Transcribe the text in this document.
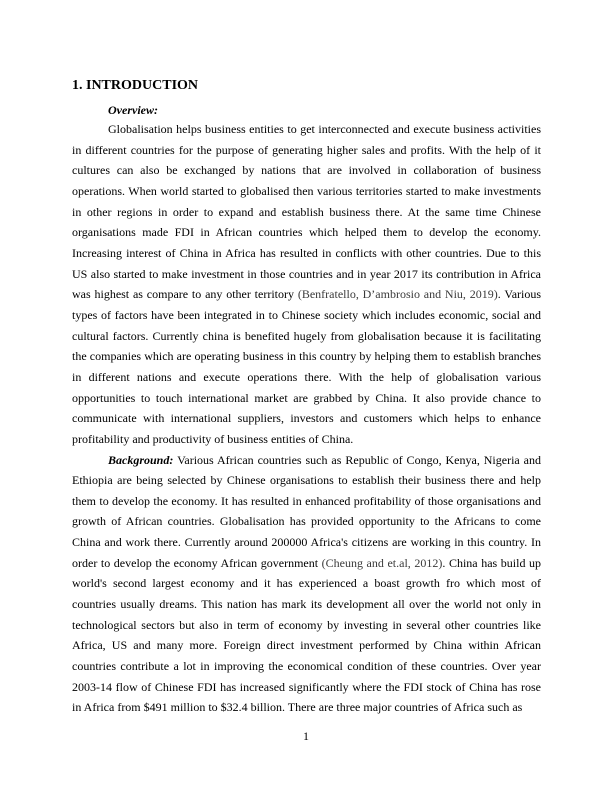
1. INTRODUCTION
Overview:

Globalisation helps business entities to get interconnected and execute business activities in different countries for the purpose of generating higher sales and profits. With the help of it cultures can also be exchanged by nations that are involved in collaboration of business operations. When world started to globalised then various territories started to make investments in other regions in order to expand and establish business there. At the same time Chinese organisations made FDI in African countries which helped them to develop the economy. Increasing interest of China in Africa has resulted in conflicts with other countries. Due to this US also started to make investment in those countries and in year 2017 its contribution in Africa was highest as compare to any other territory (Benfratello, D’ambrosio and Niu, 2019). Various types of factors have been integrated in to Chinese society which includes economic, social and cultural factors. Currently china is benefited hugely from globalisation because it is facilitating the companies which are operating business in this country by helping them to establish branches in different nations and execute operations there. With the help of globalisation various opportunities to touch international market are grabbed by China. It also provide chance to communicate with international suppliers, investors and customers which helps to enhance profitability and productivity of business entities of China.

Background: Various African countries such as Republic of Congo, Kenya, Nigeria and Ethiopia are being selected by Chinese organisations to establish their business there and help them to develop the economy. It has resulted in enhanced profitability of those organisations and growth of African countries. Globalisation has provided opportunity to the Africans to come China and work there. Currently around 200000 Africa's citizens are working in this country. In order to develop the economy African government (Cheung and et.al, 2012). China has build up world's second largest economy and it has experienced a boast growth fro which most of countries usually dreams. This nation has mark its development all over the world not only in technological sectors but also in term of economy by investing in several other countries like Africa, US and many more. Foreign direct investment performed by China within African countries contribute a lot in improving the economical condition of these countries. Over year 2003-14 flow of Chinese FDI has increased significantly where the FDI stock of China has rose in Africa from $491 million to $32.4 billion. There are three major countries of Africa such as

1
